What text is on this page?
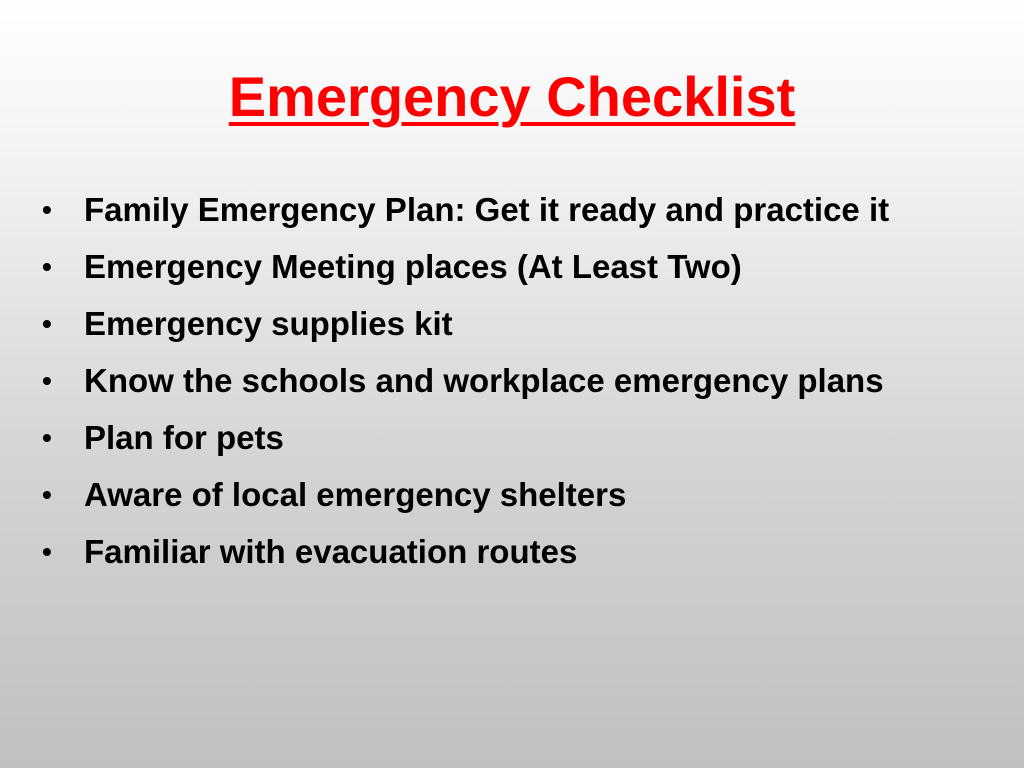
Emergency Checklist
• Family Emergency Plan: Get it ready and practice it
• Emergency Meeting places (At Least Two)
• Emergency supplies kit
• Know the schools and workplace emergency plans
• Plan for pets
• Aware of local emergency shelters
• Familiar with evacuation routes
